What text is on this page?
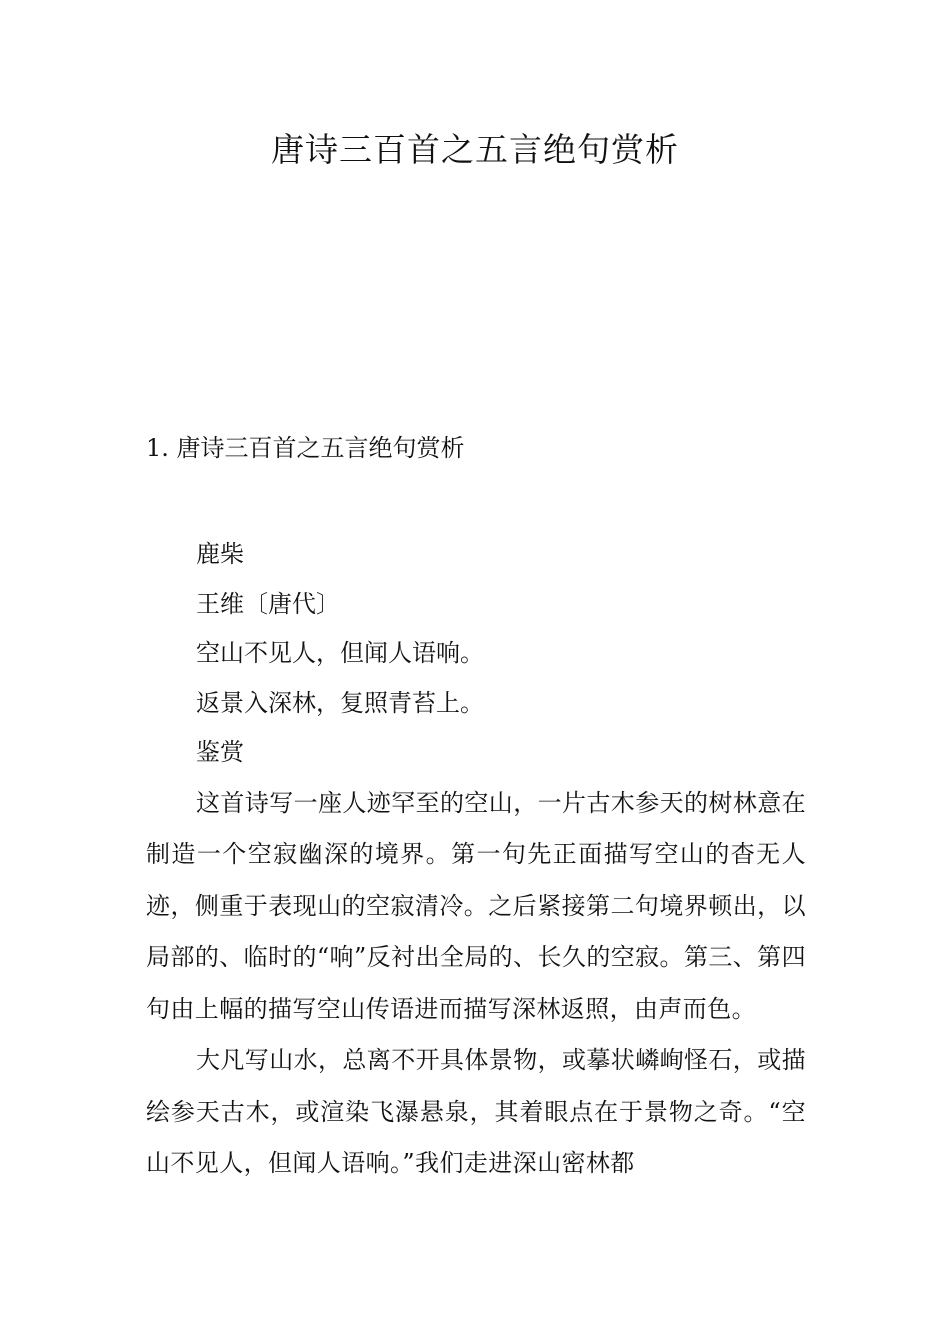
唐诗三百首之五言绝句赏析
1. 唐诗三百首之五言绝句赏析

鹿柴

王维〔唐代〕

空山不见人，但闻人语响。

返景入深林，复照青苔上。

鉴赏

这首诗写一座人迹罕至的空山，一片古木参天的树林意在制造一个空寂幽深的境界。第一句先正面描写空山的杳无人迹，侧重于表现山的空寂清冷。之后紧接第二句境界顿出，以局部的、临时的“响”反衬出全局的、长久的空寂。第三、第四句由上幅的描写空山传语进而描写深林返照，由声而色。

大凡写山水，总离不开具体景物，或摹状嶙峋怪石，或描绘参天古木，或渲染飞瀑悬泉，其着眼点在于景物之奇。“空山不见人，但闻人语响。”我们走进深山密林都
